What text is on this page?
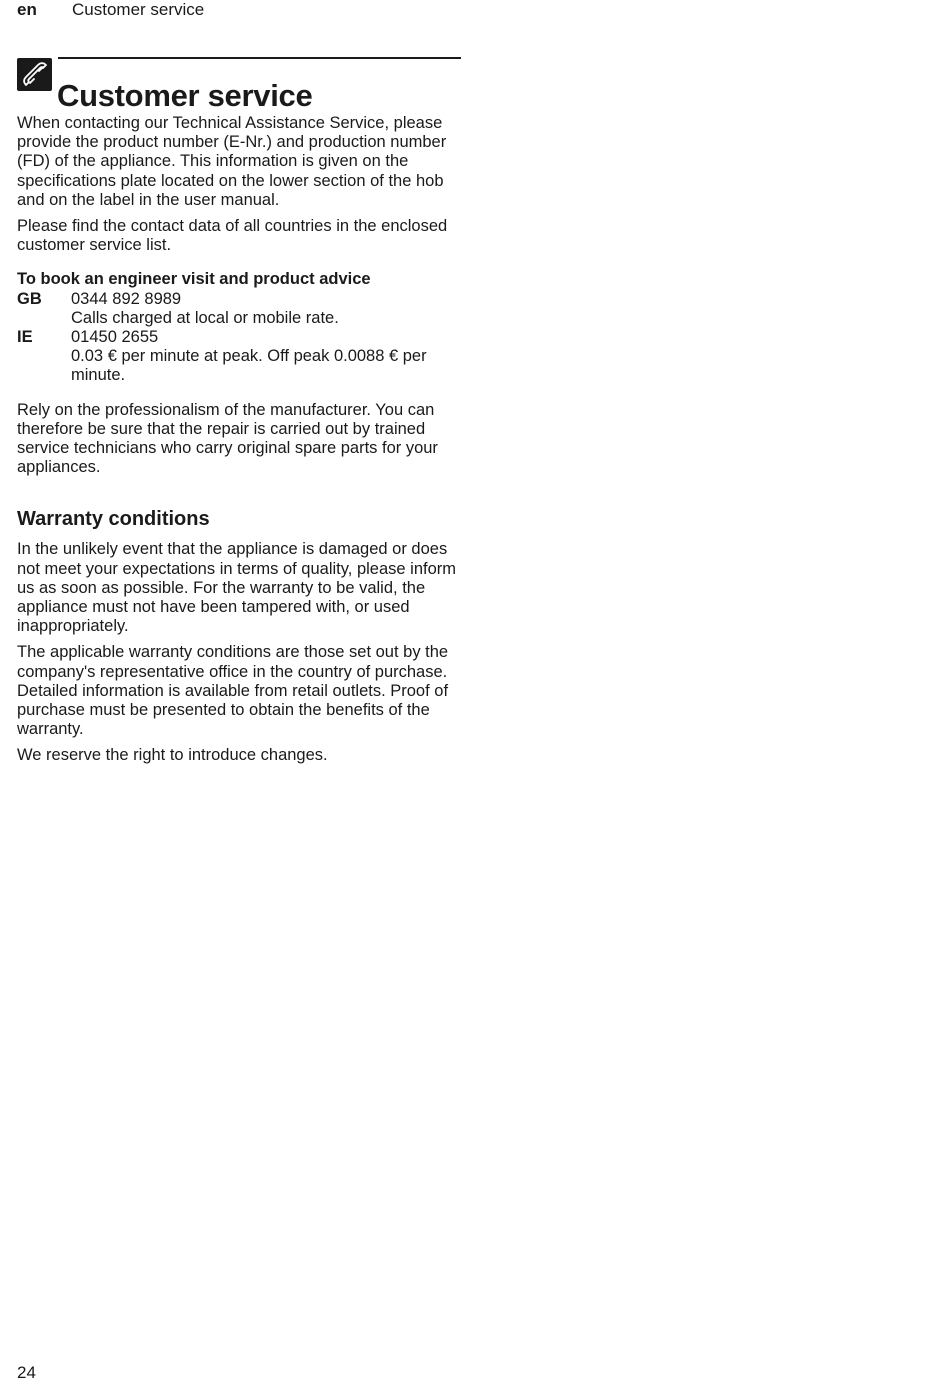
en Customer service
Customer service

When contacting our Technical Assistance Service, please provide the product number (E-Nr.) and production number (FD) of the appliance. This information is given on the specifications plate located on the lower section of the hob and on the label in the user manual.

Please find the contact data of all countries in the enclosed customer service list.

To book an engineer visit and product advice
GB	0344 892 8989
Calls charged at local or mobile rate.

IE	01450 2655
0.03 € per minute at peak. Off peak 0.0088 € per minute.

Rely on the professionalism of the manufacturer. You can therefore be sure that the repair is carried out by trained service technicians who carry original spare parts for your appliances.

Warranty conditions

In the unlikely event that the appliance is damaged or does not meet your expectations in terms of quality, please inform us as soon as possible. For the warranty to be valid, the appliance must not have been tampered with, or used inappropriately.

The applicable warranty conditions are those set out by the company's representative office in the country of purchase. Detailed information is available from retail outlets. Proof of purchase must be presented to obtain the benefits of the warranty.

We reserve the right to introduce changes.

24
